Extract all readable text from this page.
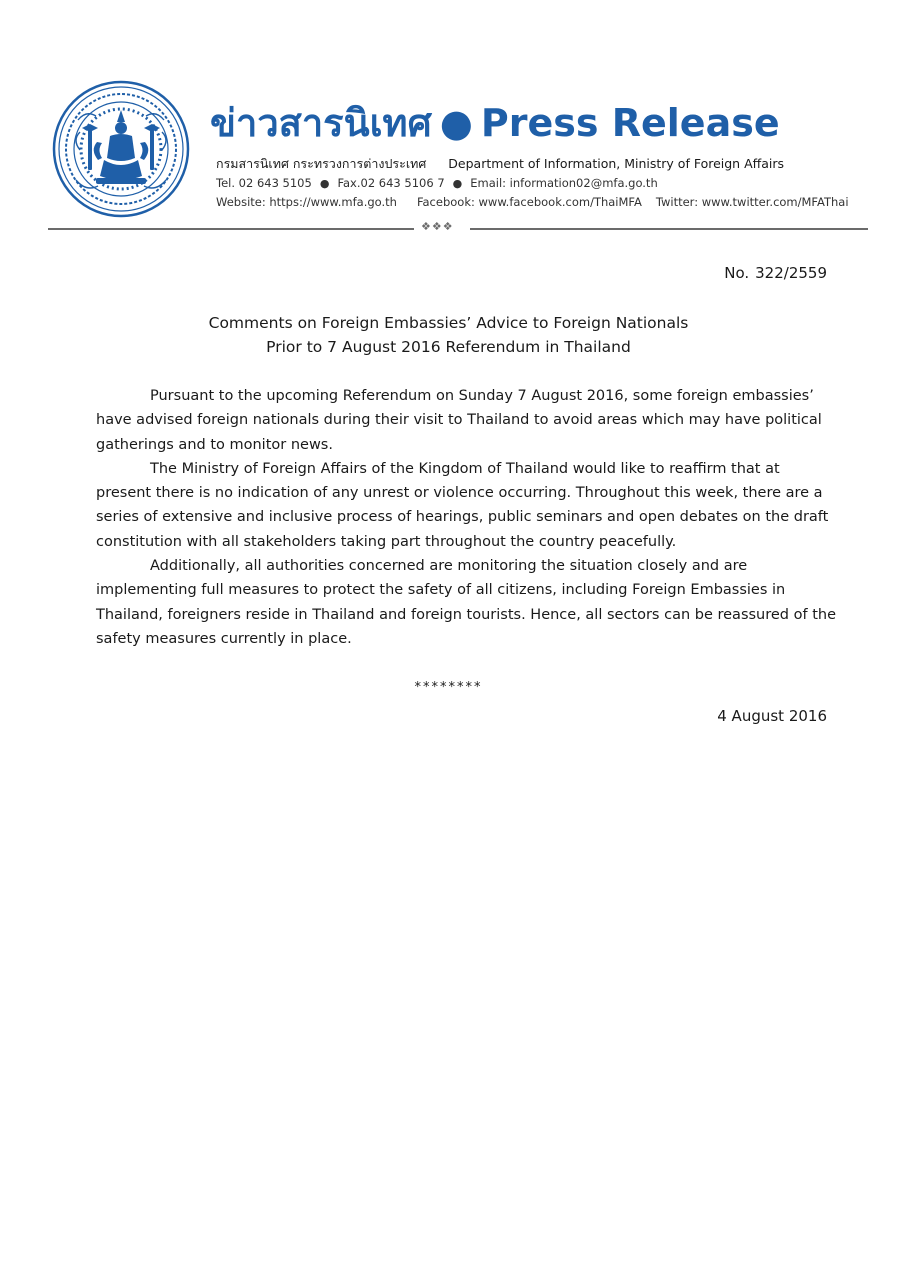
ข่าวสารนิเทศ ● Press Release
กรมสารนิเทศ กระทรวงการต่างประเทศ Department of Information, Ministry of Foreign Affairs
Tel. 02 643 5105 ● Fax.02 643 5106 7 ● Email: information02@mfa.go.th
Website: https://www.mfa.go.th Facebook: www.facebook.com/ThaiMFA Twitter: www.twitter.com/MFAThai
❖❖❖
No. 322/2559
Comments on Foreign Embassies’ Advice to Foreign Nationals
Prior to 7 August 2016 Referendum in Thailand

Pursuant to the upcoming Referendum on Sunday 7 August 2016, some foreign embassies’ have advised foreign nationals during their visit to Thailand to avoid areas which may have political gatherings and to monitor news.

The Ministry of Foreign Affairs of the Kingdom of Thailand would like to reaffirm that at present there is no indication of any unrest or violence occurring. Throughout this week, there are a series of extensive and inclusive process of hearings, public seminars and open debates on the draft constitution with all stakeholders taking part throughout the country peacefully.

Additionally, all authorities concerned are monitoring the situation closely and are implementing full measures to protect the safety of all citizens, including Foreign Embassies in Thailand, foreigners reside in Thailand and foreign tourists. Hence, all sectors can be reassured of the safety measures currently in place.

********
4 August 2016
